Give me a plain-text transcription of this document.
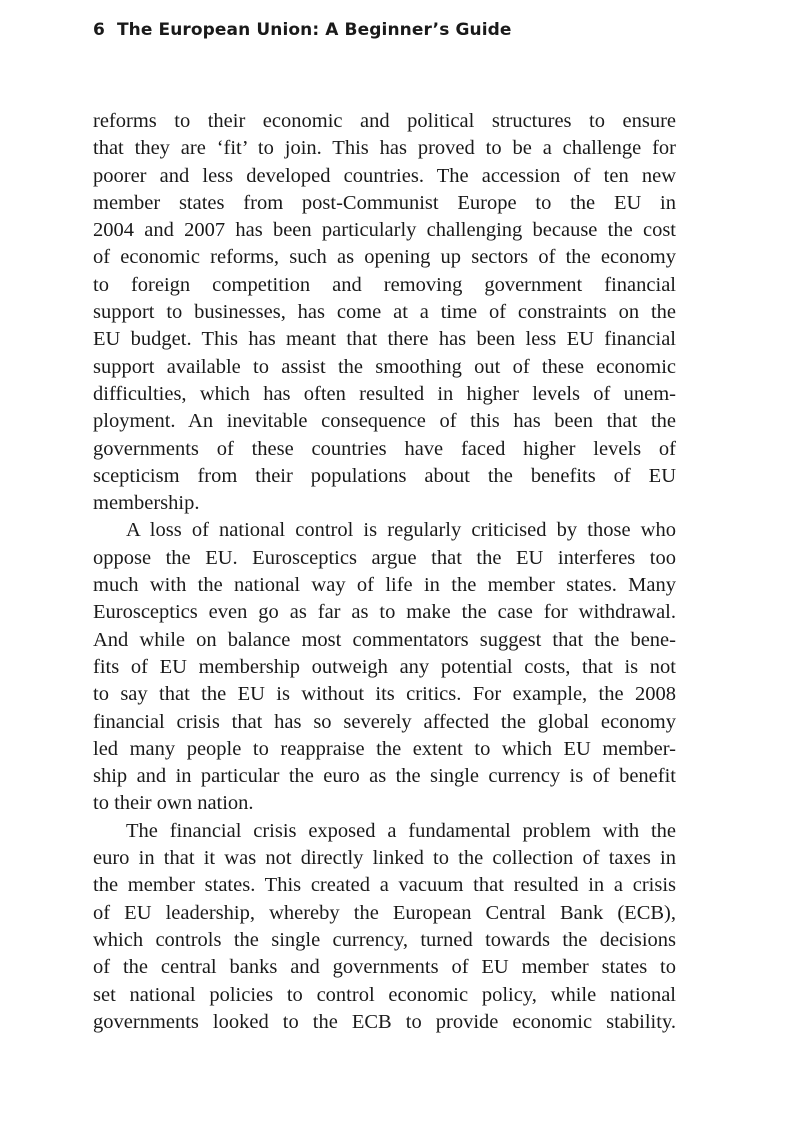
6 The European Union: A Beginner’s Guide

reforms to their economic and political structures to ensure
that they are ‘fit’ to join. This has proved to be a challenge for
poorer and less developed countries. The accession of ten new
member states from post-Communist Europe to the EU in
2004 and 2007 has been particularly challenging because the cost
of economic reforms, such as opening up sectors of the economy
to foreign competition and removing government financial
support to businesses, has come at a time of constraints on the
EU budget. This has meant that there has been less EU financial
support available to assist the smoothing out of these economic
difficulties, which has often resulted in higher levels of unem-
ployment. An inevitable consequence of this has been that the
governments of these countries have faced higher levels of
scepticism from their populations about the benefits of EU
membership.

A loss of national control is regularly criticised by those who
oppose the EU. Eurosceptics argue that the EU interferes too
much with the national way of life in the member states. Many
Eurosceptics even go as far as to make the case for withdrawal.
And while on balance most commentators suggest that the bene-
fits of EU membership outweigh any potential costs, that is not
to say that the EU is without its critics. For example, the 2008
financial crisis that has so severely affected the global economy
led many people to reappraise the extent to which EU member-
ship and in particular the euro as the single currency is of benefit
to their own nation.

The financial crisis exposed a fundamental problem with the
euro in that it was not directly linked to the collection of taxes in
the member states. This created a vacuum that resulted in a crisis
of EU leadership, whereby the European Central Bank (ECB),
which controls the single currency, turned towards the decisions
of the central banks and governments of EU member states to
set national policies to control economic policy, while national
governments looked to the ECB to provide economic stability.
